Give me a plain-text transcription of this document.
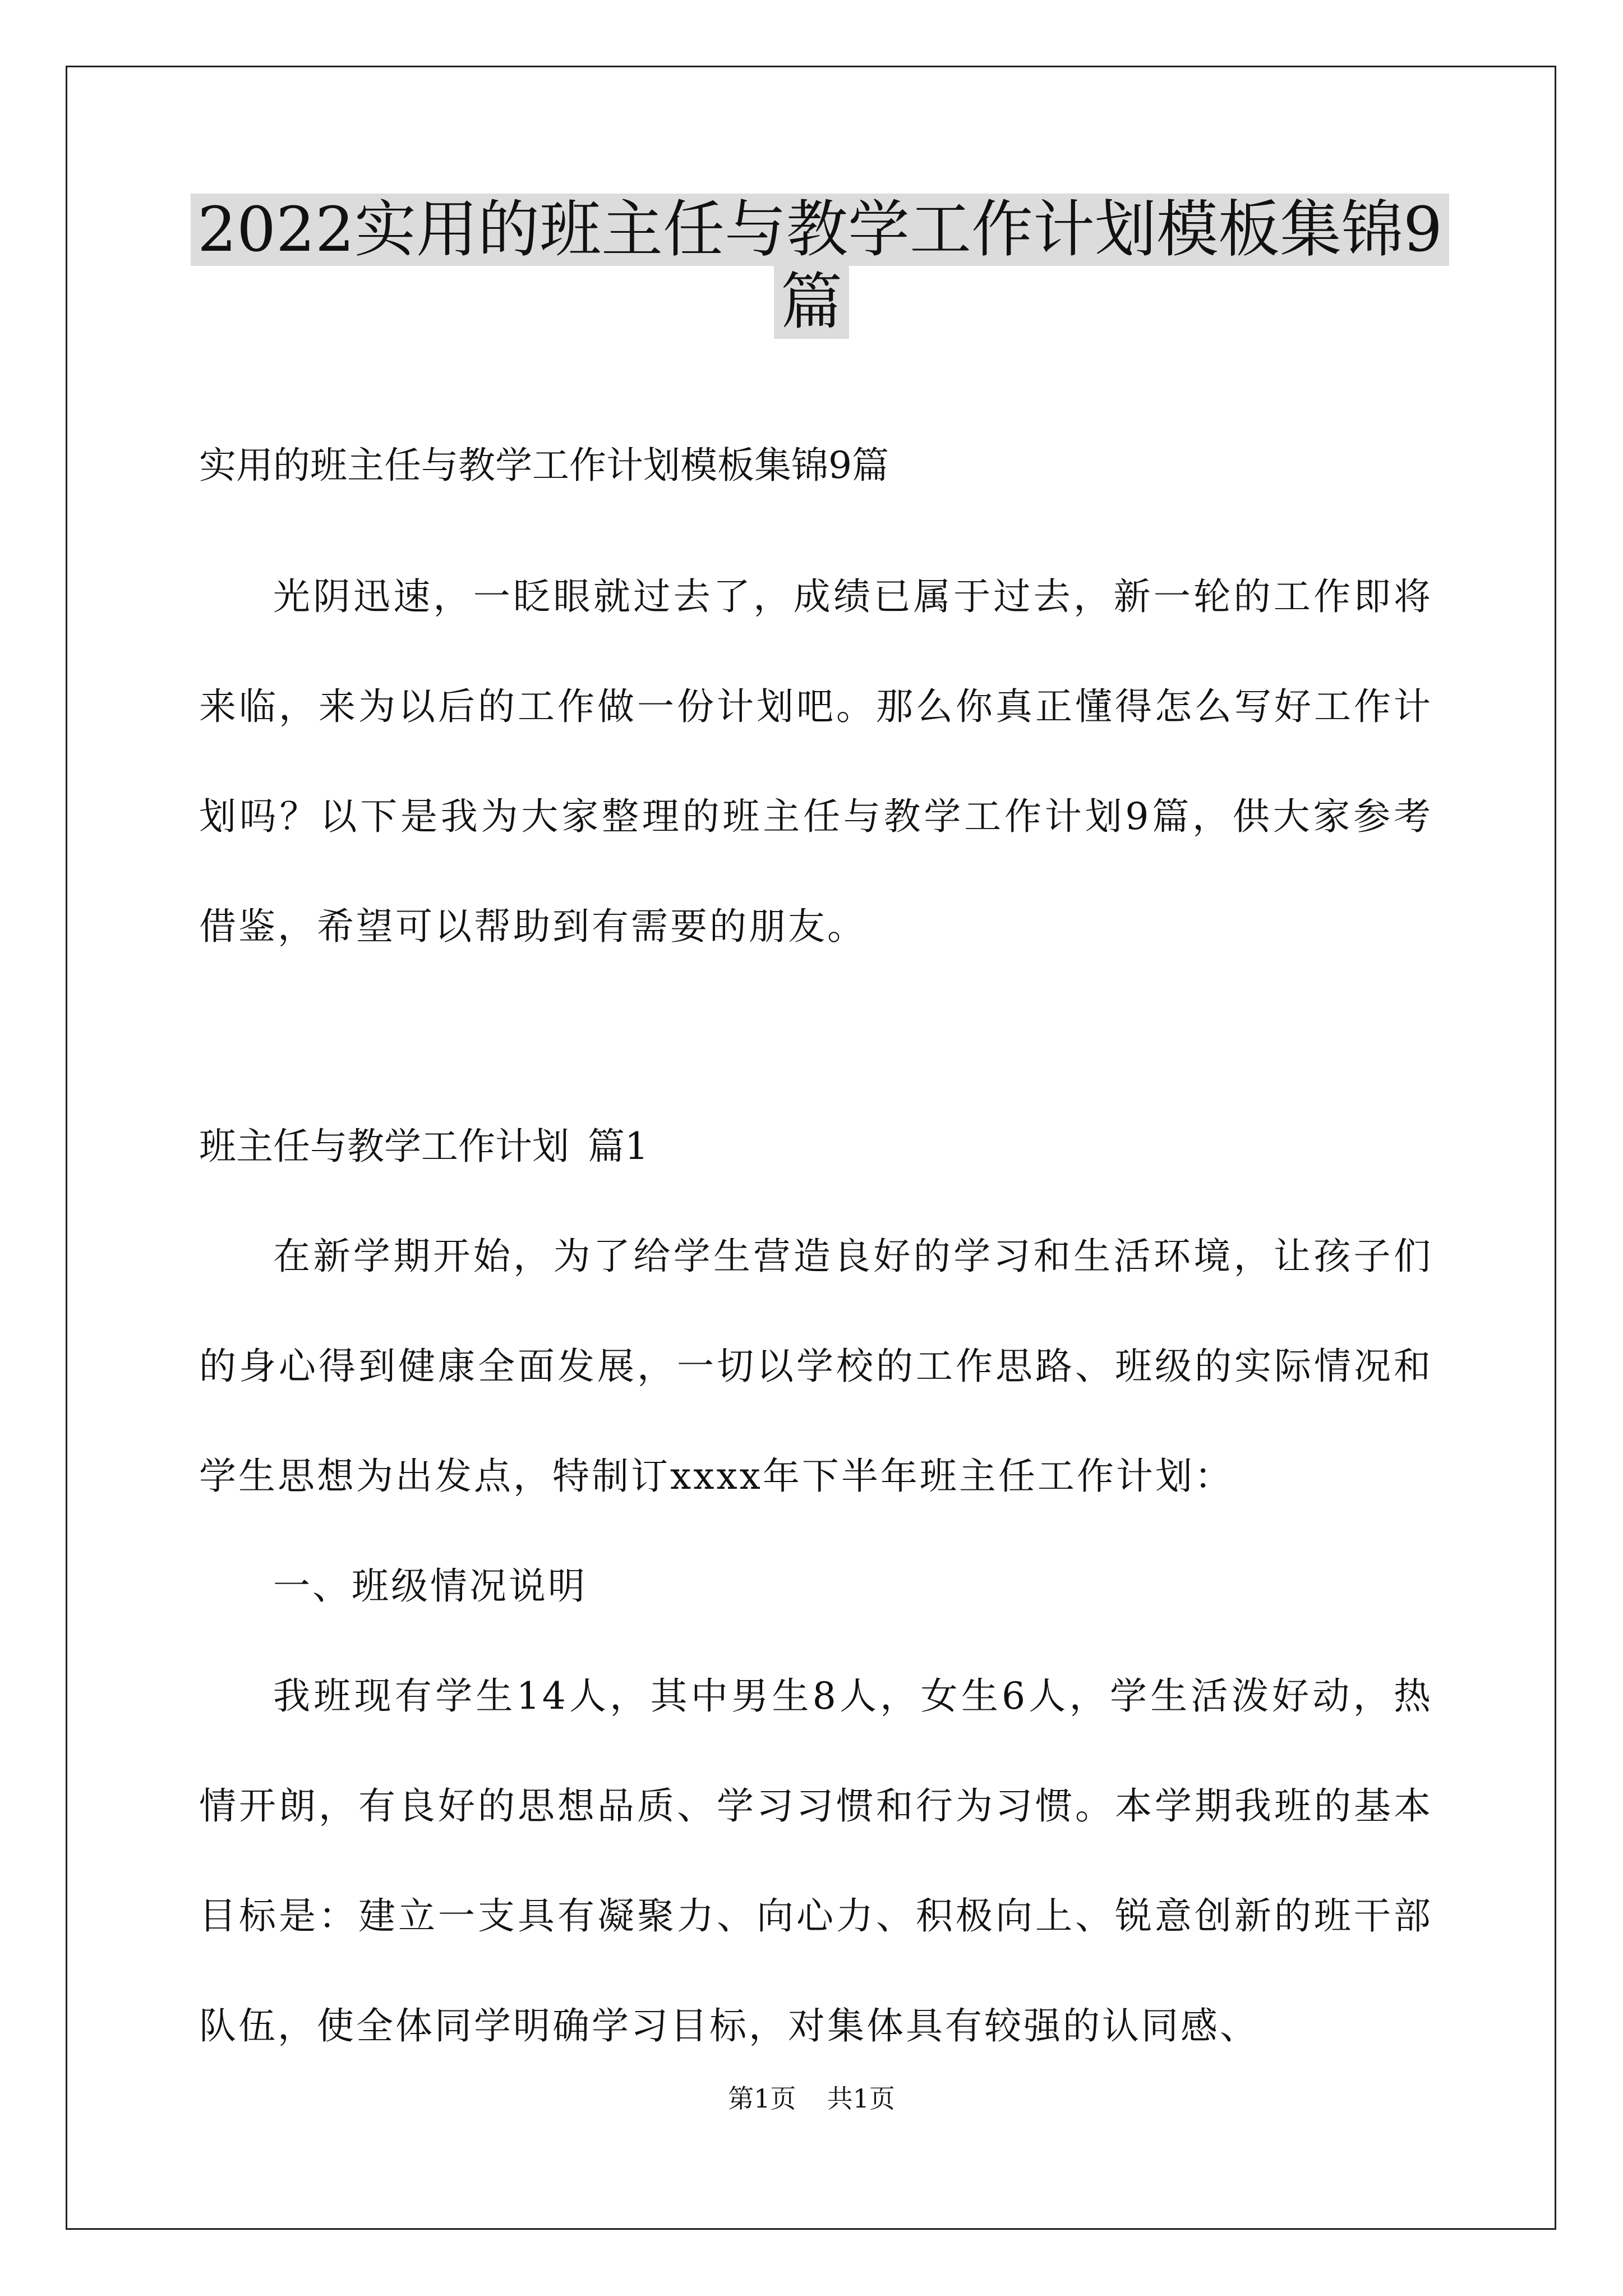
2022实用的班主任与教学工作计划模板集锦9
篇
实用的班主任与教学工作计划模板集锦9篇

光阴迅速，一眨眼就过去了，成绩已属于过去，新一轮的工作即将来临，来为以后的工作做一份计划吧。那么你真正懂得怎么写好工作计划吗？以下是我为大家整理的班主任与教学工作计划9篇，供大家参考借鉴，希望可以帮助到有需要的朋友。

班主任与教学工作计划 篇1

在新学期开始，为了给学生营造良好的学习和生活环境，让孩子们的身心得到健康全面发展，一切以学校的工作思路、班级的实际情况和学生思想为出发点，特制订xxxx年下半年班主任工作计划：

一、班级情况说明

我班现有学生14人，其中男生8人，女生6人，学生活泼好动，热情开朗，有良好的思想品质、学习习惯和行为习惯。本学期我班的基本目标是：建立一支具有凝聚力、向心力、积极向上、锐意创新的班干部队伍，使全体同学明确学习目标，对集体具有较强的认同感、

第1页 共1页
